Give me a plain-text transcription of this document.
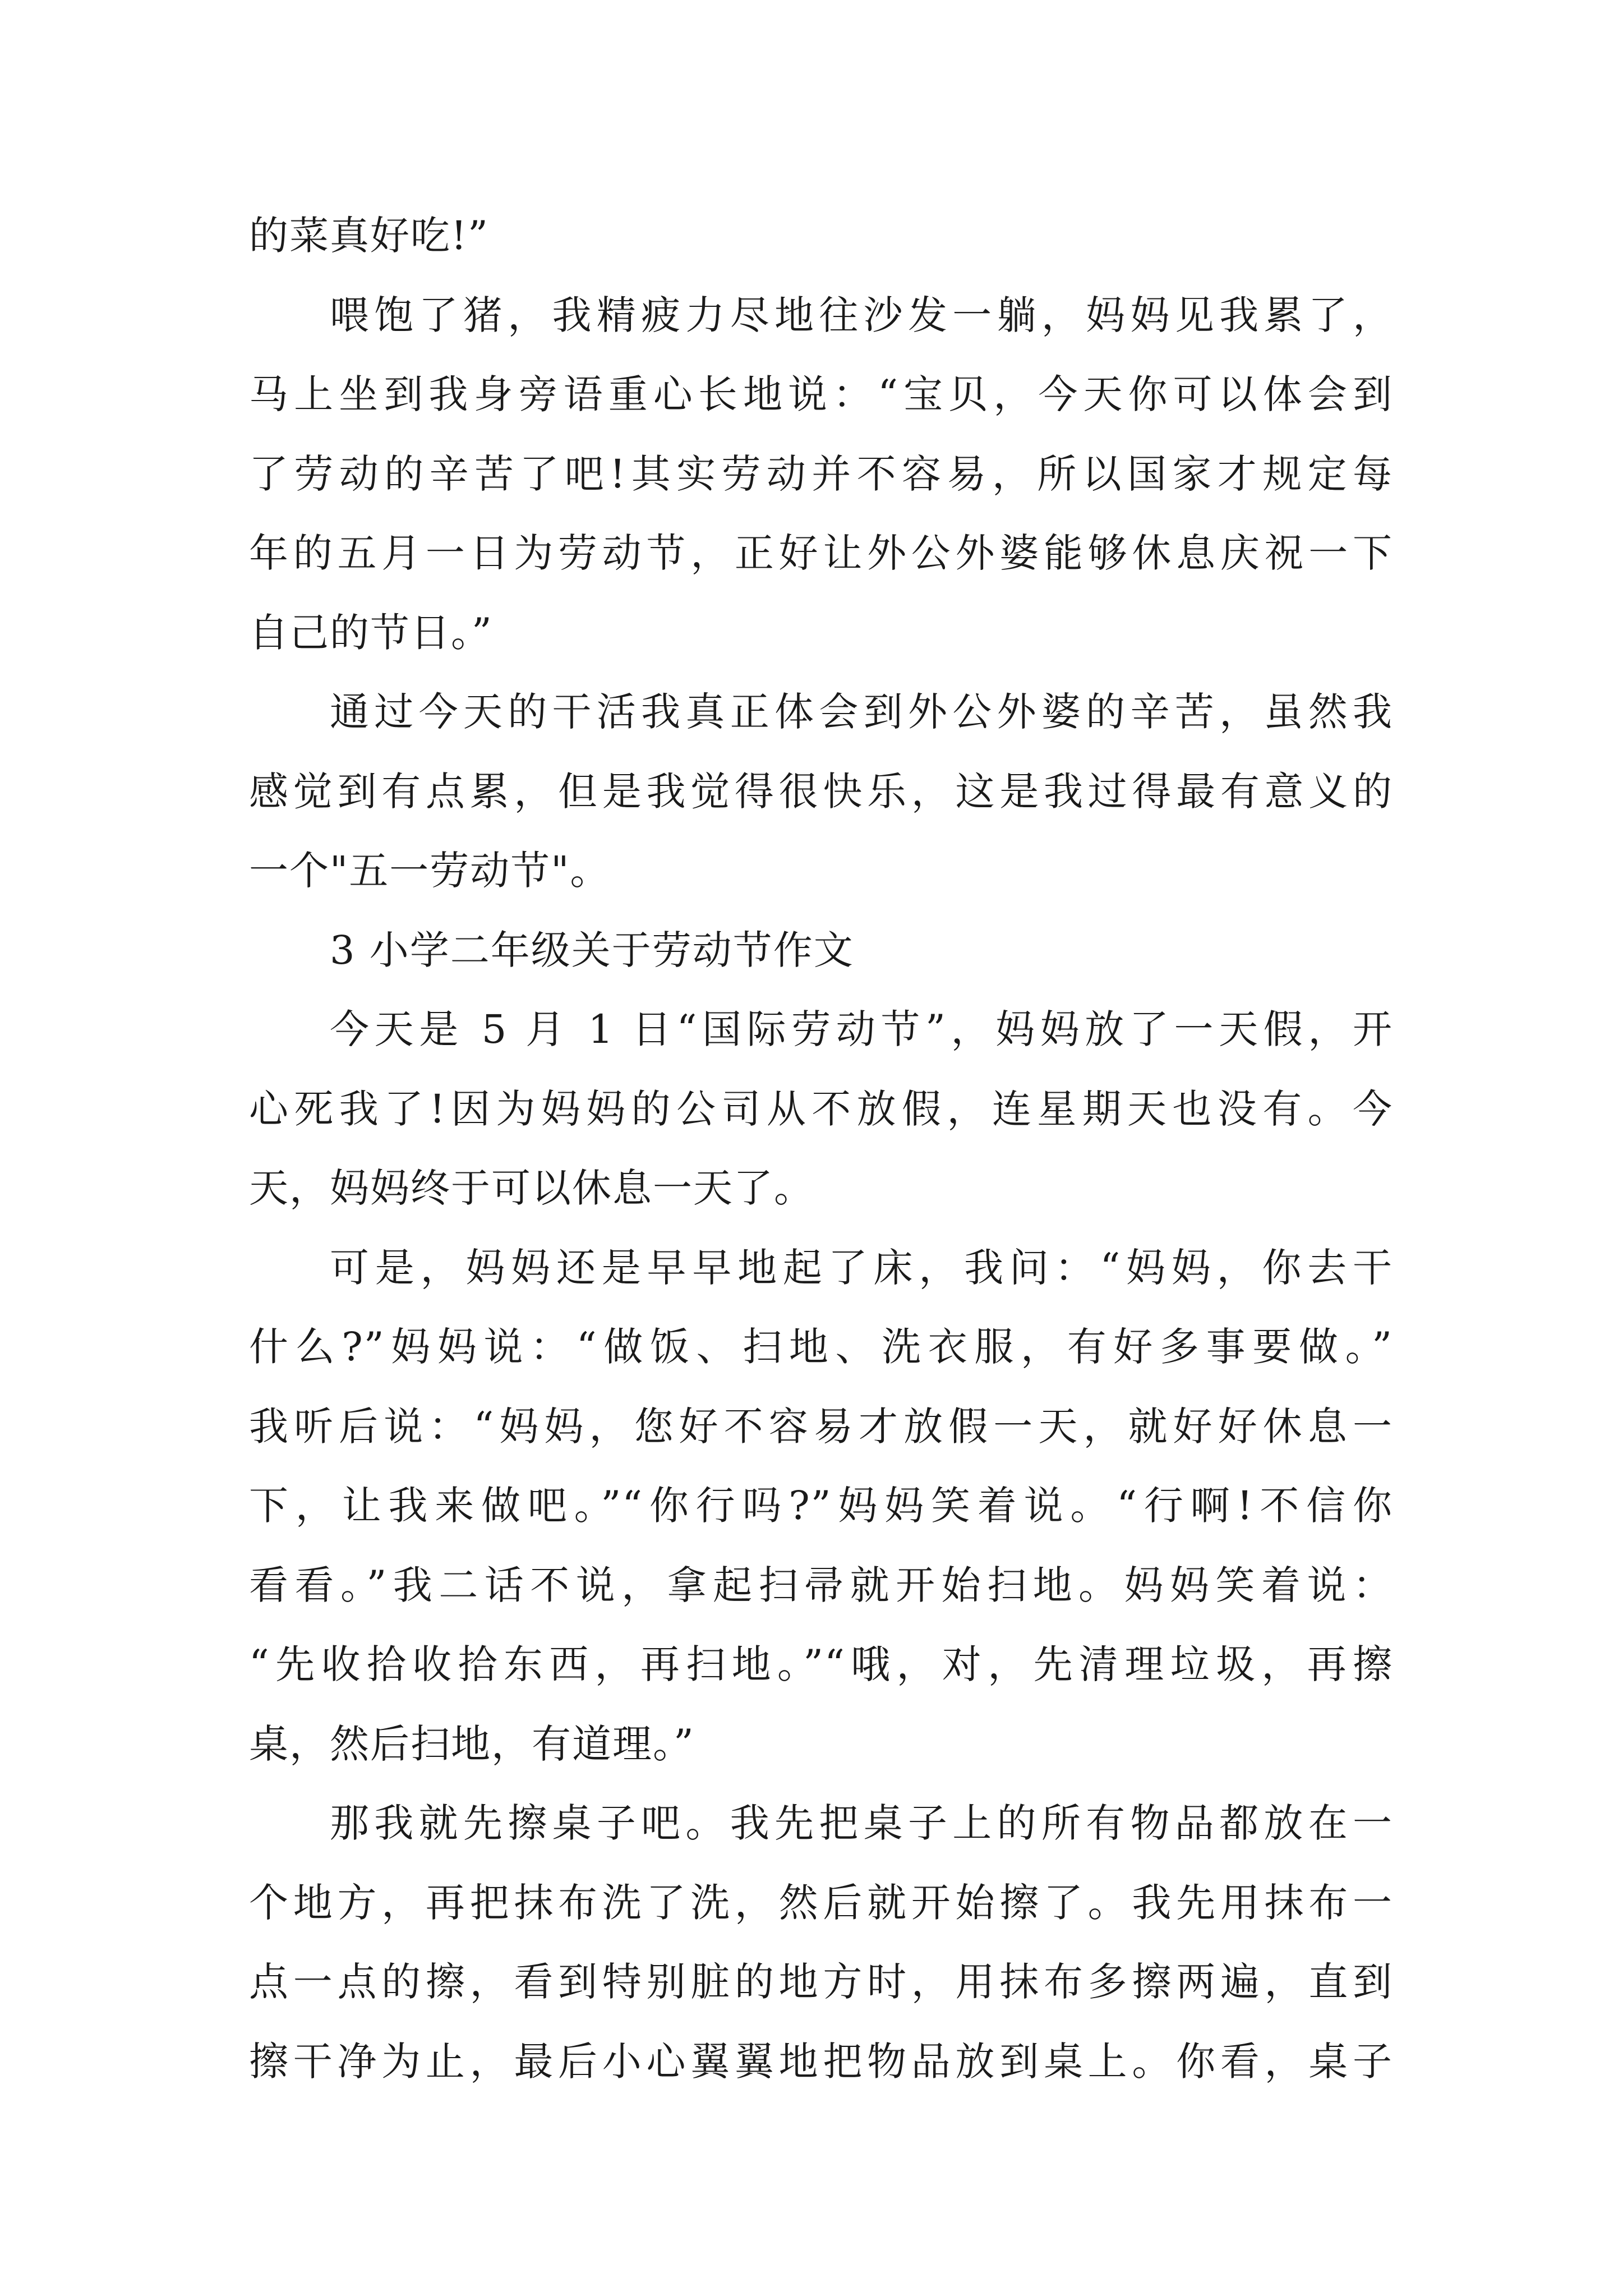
的菜真好吃!”
喂饱了猪，我精疲力尽地往沙发一躺，妈妈见我累了，
马上坐到我身旁语重心长地说：“宝贝，今天你可以体会到
了劳动的辛苦了吧!其实劳动并不容易，所以国家才规定每
年的五月一日为劳动节，正好让外公外婆能够休息庆祝一下
自己的节日。”
通过今天的干活我真正体会到外公外婆的辛苦，虽然我
感觉到有点累，但是我觉得很快乐，这是我过得最有意义的
一个"五一劳动节"。
3 小学二年级关于劳动节作文
今天是 5 月 1 日“国际劳动节”，妈妈放了一天假，开
心死我了!因为妈妈的公司从不放假，连星期天也没有。今
天，妈妈终于可以休息一天了。
可是，妈妈还是早早地起了床，我问：“妈妈，你去干
什么?”妈妈说：“做饭、扫地、洗衣服，有好多事要做。”
我听后说：“妈妈，您好不容易才放假一天，就好好休息一
下，让我来做吧。”“你行吗?”妈妈笑着说。“行啊!不信你
看看。”我二话不说，拿起扫帚就开始扫地。妈妈笑着说：
“先收拾收拾东西，再扫地。”“哦，对，先清理垃圾，再擦
桌，然后扫地，有道理。”
那我就先擦桌子吧。我先把桌子上的所有物品都放在一
个地方，再把抹布洗了洗，然后就开始擦了。我先用抹布一
点一点的擦，看到特别脏的地方时，用抹布多擦两遍，直到
擦干净为止，最后小心翼翼地把物品放到桌上。你看，桌子
